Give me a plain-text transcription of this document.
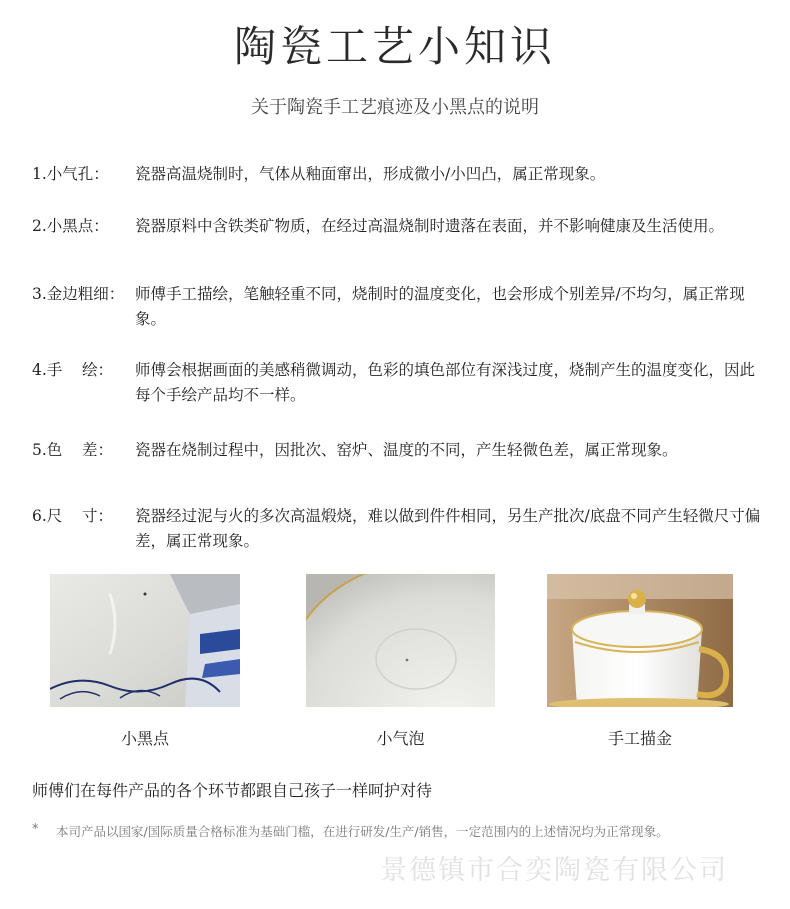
陶瓷工艺小知识
关于陶瓷手工艺痕迹及小黑点的说明
1.小气孔： 瓷器高温烧制时，气体从釉面窜出，形成微小/小凹凸，属正常现象。
2.小黑点： 瓷器原料中含铁类矿物质，在经过高温烧制时遗落在表面，并不影响健康及生活使用。
3.金边粗细： 师傅手工描绘，笔触轻重不同，烧制时的温度变化，也会形成个别差异/不均匀，属正常现象。
4.手    绘： 师傅会根据画面的美感稍微调动，色彩的填色部位有深浅过度，烧制产生的温度变化，因此每个手绘产品均不一样。
5.色    差： 瓷器在烧制过程中，因批次、窑炉、温度的不同，产生轻微色差，属正常现象。
6.尺    寸： 瓷器经过泥与火的多次高温煅烧，难以做到件件相同，另生产批次/底盘不同产生轻微尺寸偏差，属正常现象。
小黑点	小气泡	手工描金
师傅们在每件产品的各个环节都跟自己孩子一样呵护对待
* 本司产品以国家/国际质量合格标准为基础门槛，在进行研发/生产/销售，一定范围内的上述情况均为正常现象。
景德镇市合奕陶瓷有限公司
